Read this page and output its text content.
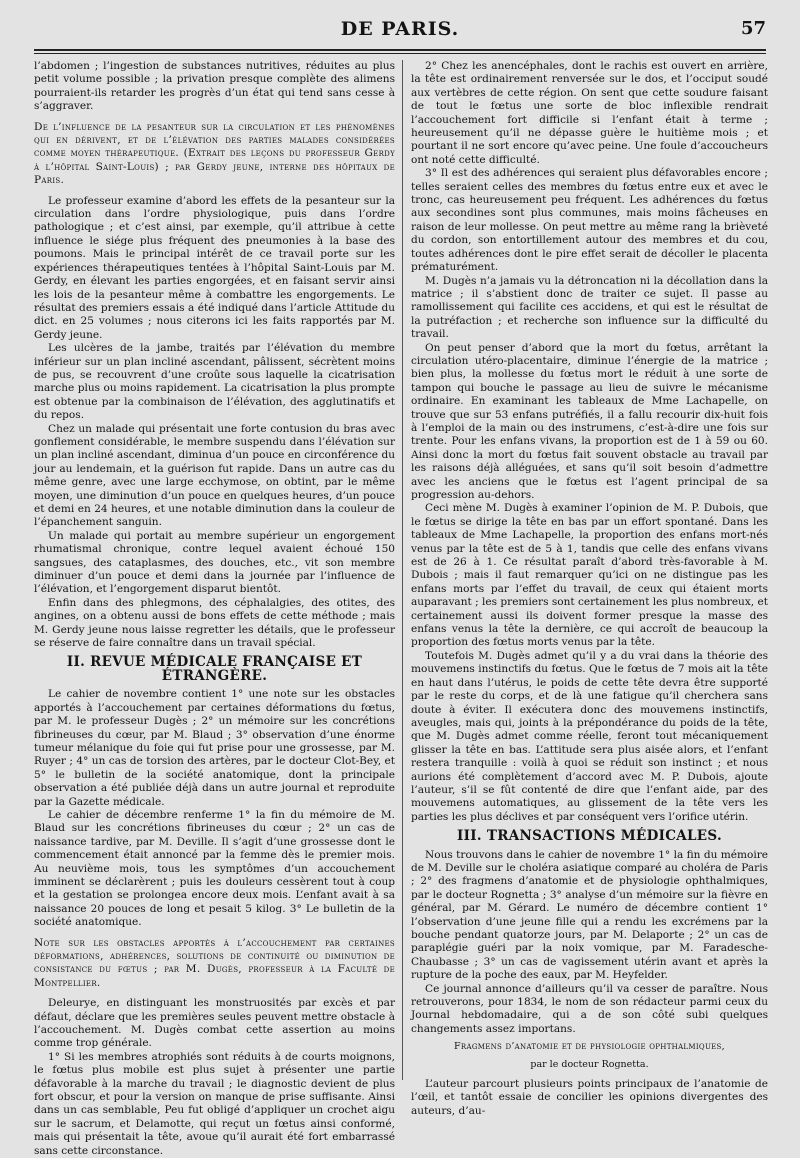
DE PARIS.	57

l’abdomen ; l’ingestion de substances nutritives, réduites au plus petit volume possible ; la privation presque complète des alimens pourraient-ils retarder les progrès d’un état qui tend sans cesse à s’aggraver.

De l’influence de la pesanteur sur la circulation et les phénomènes qui en dérivent, et de l’élévation des parties malades considérées comme moyen thérapeutique. (Extrait des leçons du professeur Gerdy à l’hôpital Saint-Louis) ; par Gerdy jeune, interne des hôpitaux de Paris.

Le professeur examine d’abord les effets de la pesanteur sur la circulation dans l’ordre physiologique, puis dans l’ordre pathologique ; et c’est ainsi, par exemple, qu’il attribue à cette influence le siége plus fréquent des pneumonies à la base des poumons. Mais le principal intérêt de ce travail porte sur les expériences thérapeutiques tentées à l’hôpital Saint-Louis par M. Gerdy, en élevant les parties engorgées, et en faisant servir ainsi les lois de la pesanteur même à combattre les engorgements. Le résultat des premiers essais a été indiqué dans l’article Attitude du dict. en 25 volumes ; nous citerons ici les faits rapportés par M. Gerdy jeune.

Les ulcères de la jambe, traités par l’élévation du membre inférieur sur un plan incliné ascendant, pâlissent, sécrètent moins de pus, se recouvrent d’une croûte sous laquelle la cicatrisation marche plus ou moins rapidement. La cicatrisation la plus prompte est obtenue par la combinaison de l’élévation, des agglutinatifs et du repos.

Chez un malade qui présentait une forte contusion du bras avec gonflement considérable, le membre suspendu dans l’élévation sur un plan incliné ascendant, diminua d’un pouce en circonférence du jour au lendemain, et la guérison fut rapide. Dans un autre cas du même genre, avec une large ecchymose, on obtint, par le même moyen, une diminution d’un pouce en quelques heures, d’un pouce et demi en 24 heures, et une notable diminution dans la couleur de l’épanchement sanguin.

Un malade qui portait au membre supérieur un engorgement rhumatismal chronique, contre lequel avaient échoué 150 sangsues, des cataplasmes, des douches, etc., vit son membre diminuer d’un pouce et demi dans la journée par l’influence de l’élévation, et l’engorgement disparut bientôt.

Enfin dans des phlegmons, des céphalalgies, des otites, des angines, on a obtenu aussi de bons effets de cette méthode ; mais M. Gerdy jeune nous laisse regretter les détails, que le professeur se réserve de faire connaître dans un travail spécial.

II. REVUE MÉDICALE FRANÇAISE ET ÉTRANGÈRE.

Le cahier de novembre contient 1° une note sur les obstacles apportés à l’accouchement par certaines déformations du fœtus, par M. le professeur Dugès ; 2° un mémoire sur les concrétions fibrineuses du cœur, par M. Blaud ; 3° observation d’une énorme tumeur mélanique du foie qui fut prise pour une grossesse, par M. Ruyer ; 4° un cas de torsion des artères, par le docteur Clot-Bey, et 5° le bulletin de la société anatomique, dont la principale observation a été publiée déjà dans un autre journal et reproduite par la Gazette médicale.

Le cahier de décembre renferme 1° la fin du mémoire de M. Blaud sur les concrétions fibrineuses du cœur ; 2° un cas de naissance tardive, par M. Deville. Il s’agit d’une grossesse dont le commencement était annoncé par la femme dès le premier mois. Au neuvième mois, tous les symptômes d’un accouchement imminent se déclarèrent ; puis les douleurs cessèrent tout à coup et la gestation se prolongea encore deux mois. L’enfant avait à sa naissance 20 pouces de long et pesait 5 kilog. 3° Le bulletin de la société anatomique.

Note sur les obstacles apportés à l’accouchement par certaines déformations, adhérences, solutions de continuité ou diminution de consistance du fœtus ; par M. Dugès, professeur à la Faculté de Montpellier.

Deleurye, en distinguant les monstruosités par excès et par défaut, déclare que les premières seules peuvent mettre obstacle à l’accouchement. M. Dugès combat cette assertion au moins comme trop générale.

1° Si les membres atrophiés sont réduits à de courts moignons, le fœtus plus mobile est plus sujet à présenter une partie défavorable à la marche du travail ; le diagnostic devient de plus fort obscur, et pour la version on manque de prise suffisante. Ainsi dans un cas semblable, Peu fut obligé d’appliquer un crochet aigu sur le sacrum, et Delamotte, qui reçut un fœtus ainsi conformé, mais qui présentait la tête, avoue qu’il aurait été fort embarrassé sans cette circonstance.

2° Chez les anencéphales, dont le rachis est ouvert en arrière, la tête est ordinairement renversée sur le dos, et l’occiput soudé aux vertèbres de cette région. On sent que cette soudure faisant de tout le fœtus une sorte de bloc inflexible rendrait l’accouchement fort difficile si l’enfant était à terme ; heureusement qu’il ne dépasse guère le huitième mois ; et pourtant il ne sort encore qu’avec peine. Une foule d’accoucheurs ont noté cette difficulté.

3° Il est des adhérences qui seraient plus défavorables encore ; telles seraient celles des membres du fœtus entre eux et avec le tronc, cas heureusement peu fréquent. Les adhérences du fœtus aux secondines sont plus communes, mais moins fâcheuses en raison de leur mollesse. On peut mettre au même rang la brièveté du cordon, son entortillement autour des membres et du cou, toutes adhérences dont le pire effet serait de décoller le placenta prématurément.

M. Dugès n’a jamais vu la détroncation ni la décollation dans la matrice ; il s’abstient donc de traiter ce sujet. Il passe au ramollissement qui facilite ces accidens, et qui est le résultat de la putréfaction ; et recherche son influence sur la difficulté du travail.

On peut penser d’abord que la mort du fœtus, arrêtant la circulation utéro-placentaire, diminue l’énergie de la matrice ; bien plus, la mollesse du fœtus mort le réduit à une sorte de tampon qui bouche le passage au lieu de suivre le mécanisme ordinaire. En examinant les tableaux de Mme Lachapelle, on trouve que sur 53 enfans putréfiés, il a fallu recourir dix-huit fois à l’emploi de la main ou des instrumens, c’est-à-dire une fois sur trente. Pour les enfans vivans, la proportion est de 1 à 59 ou 60. Ainsi donc la mort du fœtus fait souvent obstacle au travail par les raisons déjà alléguées, et sans qu’il soit besoin d’admettre avec les anciens que le fœtus est l’agent principal de sa progression au-dehors.

Ceci mène M. Dugès à examiner l’opinion de M. P. Dubois, que le fœtus se dirige la tête en bas par un effort spontané. Dans les tableaux de Mme Lachapelle, la proportion des enfans mort-nés venus par la tête est de 5 à 1, tandis que celle des enfans vivans est de 26 à 1. Ce résultat paraît d’abord très-favorable à M. Dubois ; mais il faut remarquer qu’ici on ne distingue pas les enfans morts par l’effet du travail, de ceux qui étaient morts auparavant ; les premiers sont certainement les plus nombreux, et certainement aussi ils doivent former presque la masse des enfans venus la tête la dernière, ce qui accroît de beaucoup la proportion des fœtus morts venus par la tête.

Toutefois M. Dugès admet qu’il y a du vrai dans la théorie des mouvemens instinctifs du fœtus. Que le fœtus de 7 mois ait la tête en haut dans l’utérus, le poids de cette tête devra être supporté par le reste du corps, et de là une fatigue qu’il cherchera sans doute à éviter. Il exécutera donc des mouvemens instinctifs, aveugles, mais qui, joints à la prépondérance du poids de la tête, que M. Dugès admet comme réelle, feront tout mécaniquement glisser la tête en bas. L’attitude sera plus aisée alors, et l’enfant restera tranquille : voilà à quoi se réduit son instinct ; et nous aurions été complètement d’accord avec M. P. Dubois, ajoute l’auteur, s’il se fût contenté de dire que l’enfant aide, par des mouvemens automatiques, au glissement de la tête vers les parties les plus déclives et par conséquent vers l’orifice utérin.

III. TRANSACTIONS MÉDICALES.

Nous trouvons dans le cahier de novembre 1° la fin du mémoire de M. Deville sur le choléra asiatique comparé au choléra de Paris ; 2° des fragmens d’anatomie et de physiologie ophthalmiques, par le docteur Rognetta ; 3° analyse d’un mémoire sur la fièvre en général, par M. Gérard. Le numéro de décembre contient 1° l’observation d’une jeune fille qui a rendu les excrémens par la bouche pendant quatorze jours, par M. Delaporte ; 2° un cas de paraplégie guéri par la noix vomique, par M. Faradesche-Chaubasse ; 3° un cas de vagissement utérin avant et après la rupture de la poche des eaux, par M. Heyfelder.

Ce journal annonce d’ailleurs qu’il va cesser de paraître. Nous retrouverons, pour 1834, le nom de son rédacteur parmi ceux du Journal hebdomadaire, qui a de son côté subi quelques changements assez importans.

Fragmens d’anatomie et de physiologie ophthalmiques,
par le docteur Rognetta.

L’auteur parcourt plusieurs points principaux de l’anatomie de l’œil, et tantôt essaie de concilier les opinions divergentes des auteurs, d’au-
